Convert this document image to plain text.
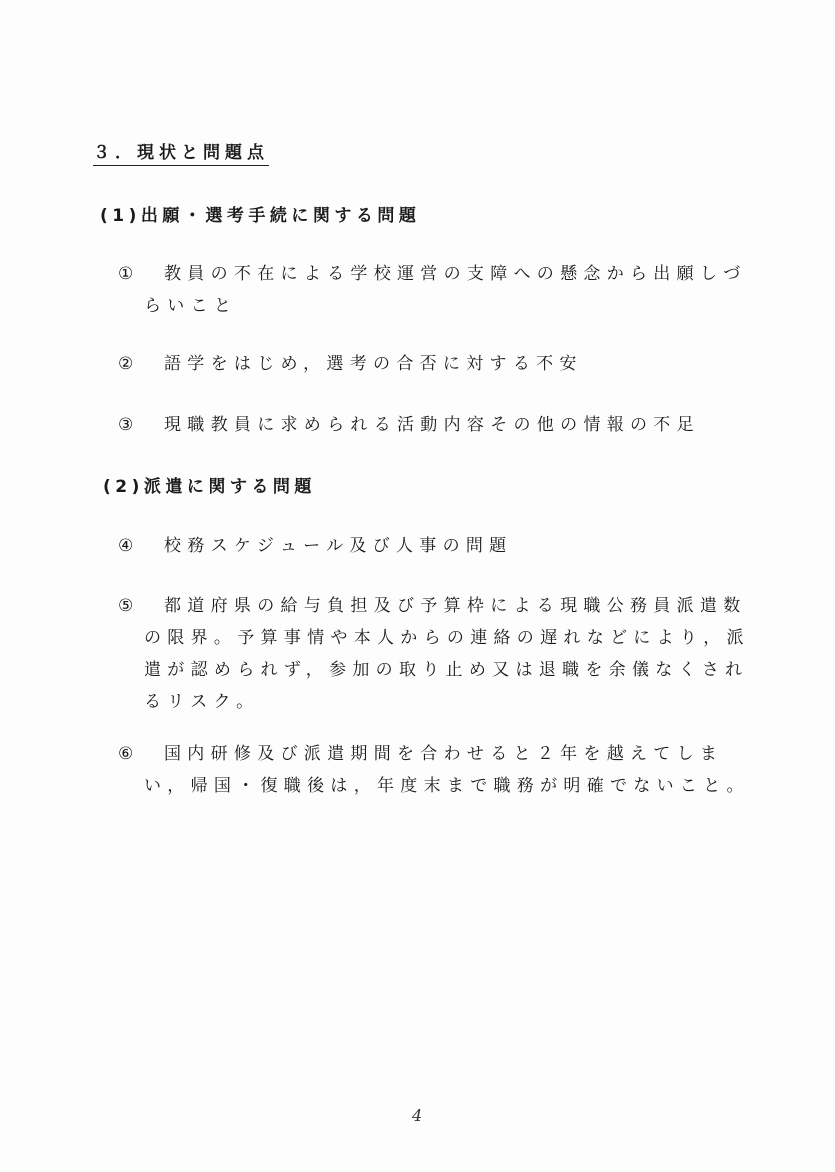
３．現状と問題点
(1)出願・選考手続に関する問題
①	教員の不在による学校運営の支障への懸念から出願しづらいこと
②	語学をはじめ，選考の合否に対する不安
③	現職教員に求められる活動内容その他の情報の不足
(2)派遣に関する問題
④	校務スケジュール及び人事の問題
⑤	都道府県の給与負担及び予算枠による現職公務員派遣数の限界。予算事情や本人からの連絡の遅れなどにより，派遣が認められず，参加の取り止め又は退職を余儀なくされるリスク。
⑥	国内研修及び派遣期間を合わせると２年を越えてしまい，帰国・復職後は，年度末まで職務が明確でないこと。
4
